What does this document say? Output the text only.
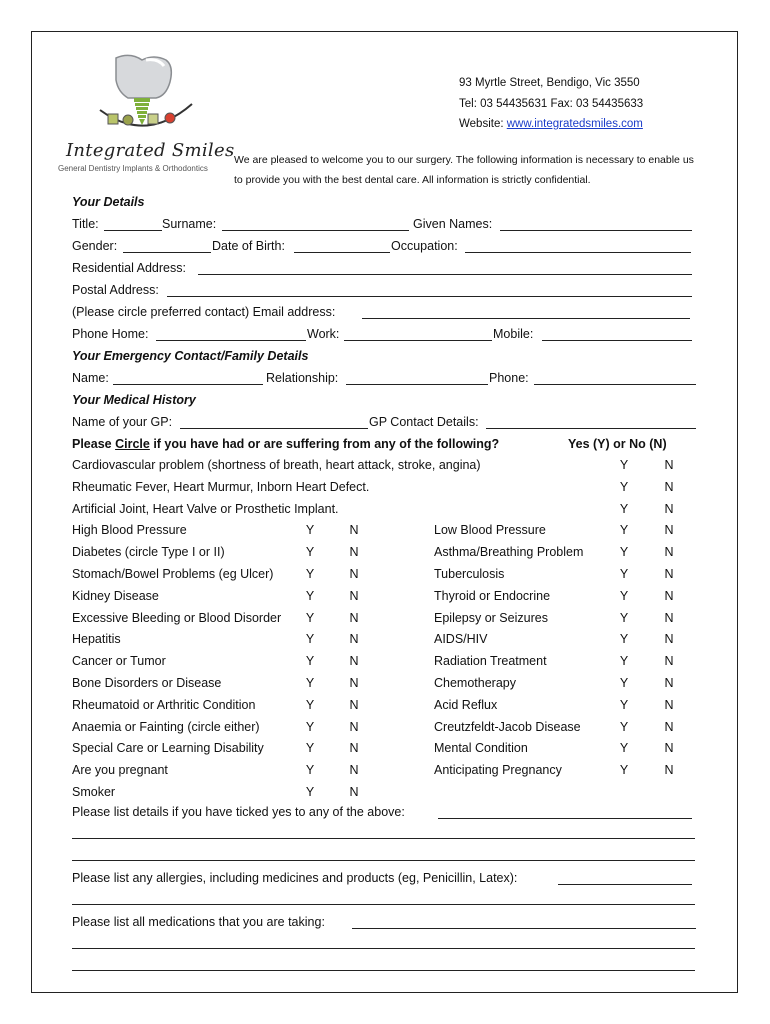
Integrated Smiles
General Dentistry Implants & Orthodontics
93 Myrtle Street, Bendigo, Vic 3550
Tel: 03 54435631 Fax: 03 54435633
Website: www.integratedsmiles.com
We are pleased to welcome you to our surgery. The following information is necessary to enable us to provide you with the best dental care. All information is strictly confidential.
Your Details
Title:	Surname:	Given Names:
Gender:	Date of Birth:	Occupation:
Residential Address:
Postal Address:
(Please circle preferred contact) Email address:
Phone Home:	Work:	Mobile:
Your Emergency Contact/Family Details
Name:	Relationship:	Phone:
Your Medical History
Name of your GP:	GP Contact Details:
Please Circle if you have had or are suffering from any of the following?	Yes (Y) or No (N)
Cardiovascular problem (shortness of breath, heart attack, stroke, angina)	Y	N
Rheumatic Fever, Heart Murmur, Inborn Heart Defect.	Y	N
Artificial Joint, Heart Valve or Prosthetic Implant.	Y	N
High Blood Pressure	Y	N	Low Blood Pressure	Y	N
Diabetes (circle Type I or II)	Y	N	Asthma/Breathing Problem	Y	N
Stomach/Bowel Problems (eg Ulcer)	Y	N	Tuberculosis	Y	N
Kidney Disease	Y	N	Thyroid or Endocrine	Y	N
Excessive Bleeding or Blood Disorder Y	N	Epilepsy or Seizures	Y	N
Hepatitis	Y	N	AIDS/HIV	Y	N
Cancer or Tumor	Y	N	Radiation Treatment	Y	N
Bone Disorders or Disease	Y	N	Chemotherapy	Y	N
Rheumatoid or Arthritic Condition	Y	N	Acid Reflux	Y	N
Anaemia or Fainting (circle either)	Y	N	Creutzfeldt-Jacob Disease	Y	N
Special Care or Learning Disability	Y	N	Mental Condition	Y	N
Are you pregnant	Y	N	Anticipating Pregnancy	Y	N
Smoker	Y	N
Please list details if you have ticked yes to any of the above:
Please list any allergies, including medicines and products (eg, Penicillin, Latex):
Please list all medications that you are taking:
